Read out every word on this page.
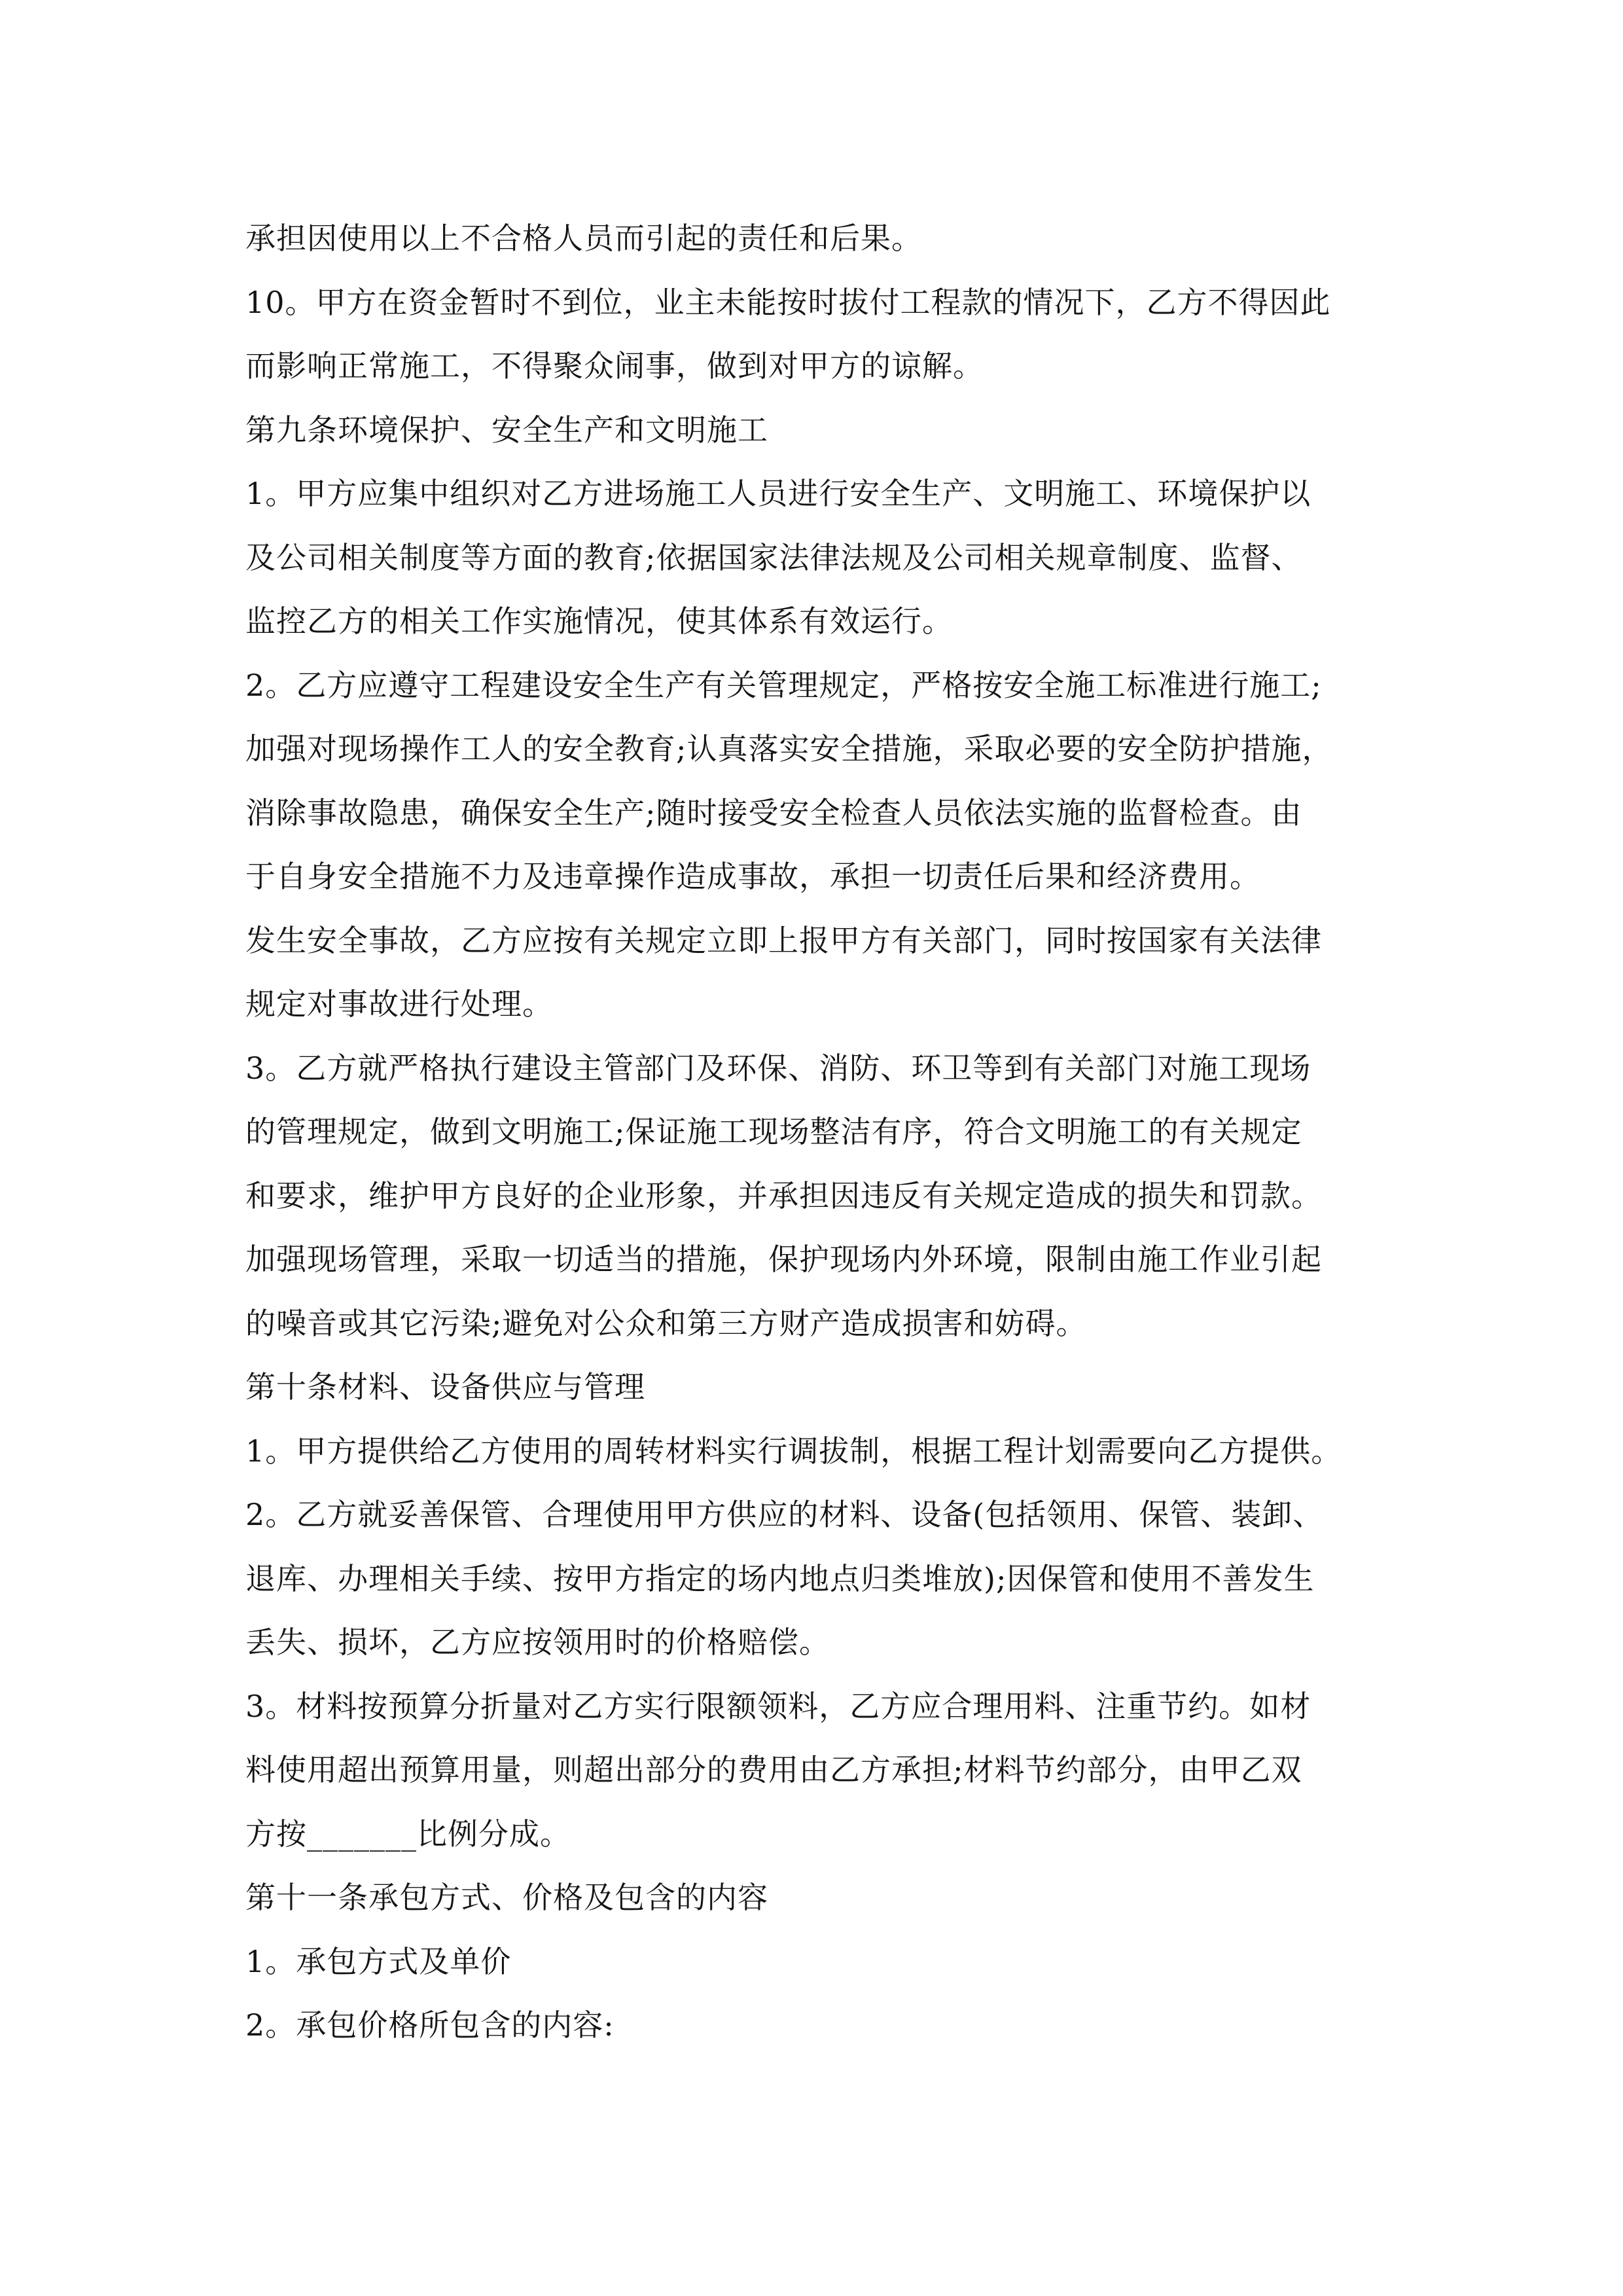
承担因使用以上不合格人员而引起的责任和后果。
10。甲方在资金暂时不到位，业主未能按时拔付工程款的情况下，乙方不得因此
而影响正常施工，不得聚众闹事，做到对甲方的谅解。
第九条环境保护、安全生产和文明施工
1。甲方应集中组织对乙方进场施工人员进行安全生产、文明施工、环境保护以
及公司相关制度等方面的教育;依据国家法律法规及公司相关规章制度、监督、
监控乙方的相关工作实施情况，使其体系有效运行。
2。乙方应遵守工程建设安全生产有关管理规定，严格按安全施工标准进行施工;
加强对现场操作工人的安全教育;认真落实安全措施，采取必要的安全防护措施，
消除事故隐患，确保安全生产;随时接受安全检查人员依法实施的监督检查。由
于自身安全措施不力及违章操作造成事故，承担一切责任后果和经济费用。
发生安全事故，乙方应按有关规定立即上报甲方有关部门，同时按国家有关法律
规定对事故进行处理。
3。乙方就严格执行建设主管部门及环保、消防、环卫等到有关部门对施工现场
的管理规定，做到文明施工;保证施工现场整洁有序，符合文明施工的有关规定
和要求，维护甲方良好的企业形象，并承担因违反有关规定造成的损失和罚款。
加强现场管理，采取一切适当的措施，保护现场内外环境，限制由施工作业引起
的噪音或其它污染;避免对公众和第三方财产造成损害和妨碍。
第十条材料、设备供应与管理
1。甲方提供给乙方使用的周转材料实行调拔制，根据工程计划需要向乙方提供。
2。乙方就妥善保管、合理使用甲方供应的材料、设备(包括领用、保管、装卸、
退库、办理相关手续、按甲方指定的场内地点归类堆放);因保管和使用不善发生
丢失、损坏，乙方应按领用时的价格赔偿。
3。材料按预算分折量对乙方实行限额领料，乙方应合理用料、注重节约。如材
料使用超出预算用量，则超出部分的费用由乙方承担;材料节约部分，由甲乙双
方按_______比例分成。
第十一条承包方式、价格及包含的内容
1。承包方式及单价
2。承包价格所包含的内容:
